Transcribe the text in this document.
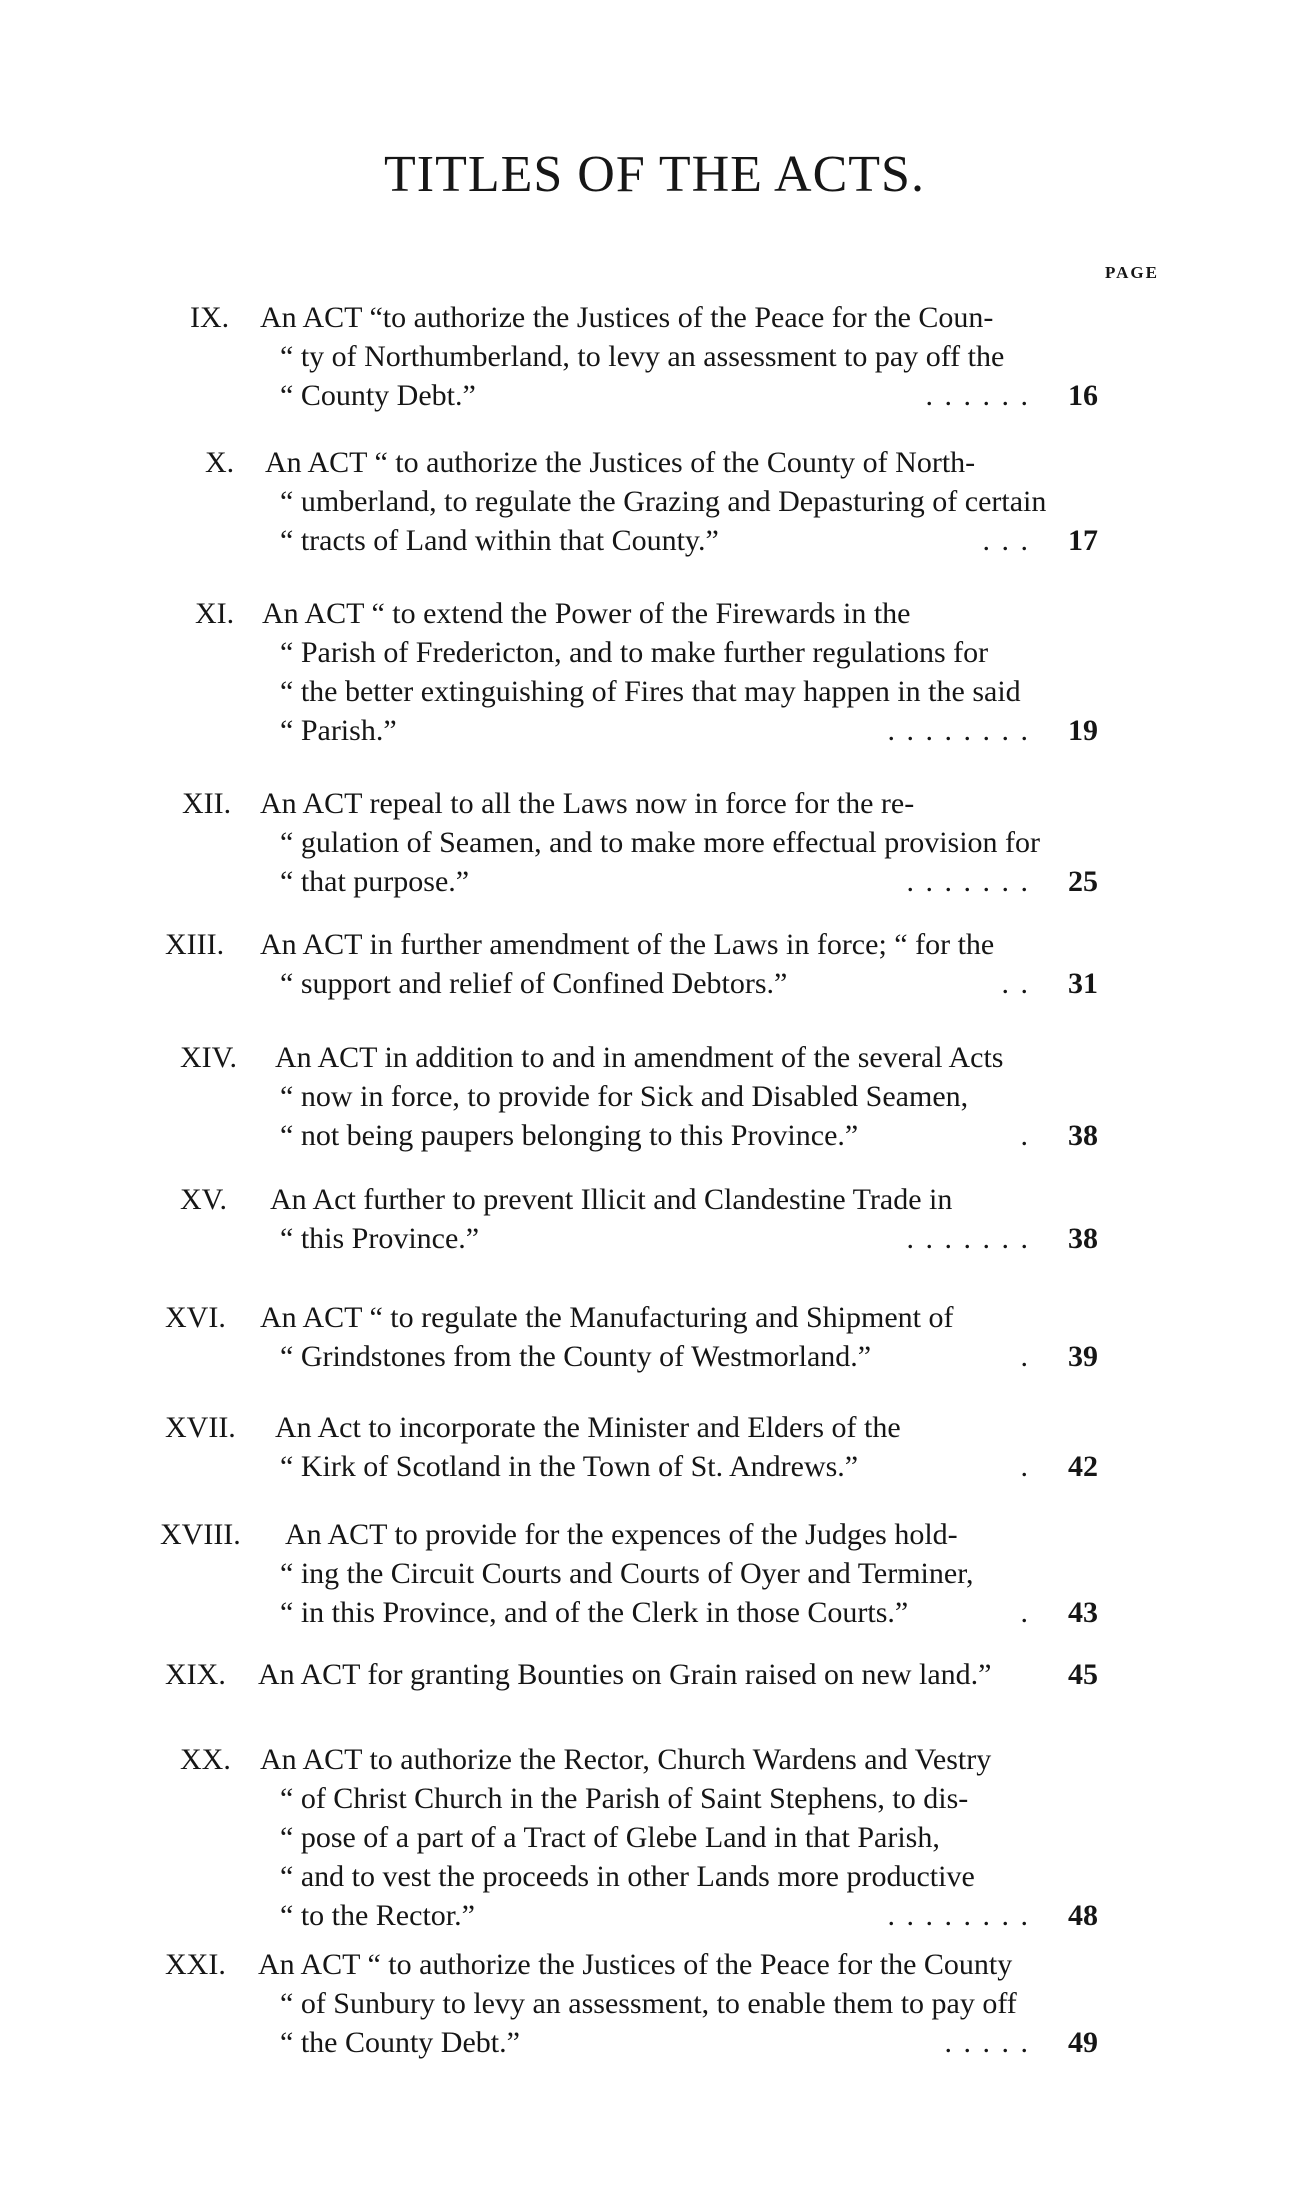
TITLES OF THE ACTS.
PAGE
IX. An ACT “to authorize the Justices of the Peace for the Coun-
“ ty of Northumberland, to levy an assessment to pay off the
“ County Debt.”	. . . . . . 16
X. An ACT “ to authorize the Justices of the County of North-
“ umberland, to regulate the Grazing and Depasturing of certain
“ tracts of Land within that County.”	. . . 17
XI. An ACT “ to extend the Power of the Firewards in the
“ Parish of Fredericton, and to make further regulations for
“ the better extinguishing of Fires that may happen in the said
“ Parish.”	. . . . . . . . 19
XII. An ACT repeal to all the Laws now in force for the re-
“ gulation of Seamen, and to make more effectual provision for
“ that purpose.”	. . . . . . . 25
XIII. An ACT in further amendment of the Laws in force; “ for the
“ support and relief of Confined Debtors.”	. . 31
XIV. An ACT in addition to and in amendment of the several Acts
“ now in force, to provide for Sick and Disabled Seamen,
“ not being paupers belonging to this Province.”	. 38
XV. An Act further to prevent Illicit and Clandestine Trade in
“ this Province.”	. . . . . . . 38
XVI. An ACT “ to regulate the Manufacturing and Shipment of
“ Grindstones from the County of Westmorland.”	. 39
XVII. An Act to incorporate the Minister and Elders of the
“ Kirk of Scotland in the Town of St. Andrews.”	. 42
XVIII. An ACT to provide for the expences of the Judges hold-
“ ing the Circuit Courts and Courts of Oyer and Terminer,
“ in this Province, and of the Clerk in those Courts.”	. 43
XIX. An ACT for granting Bounties on Grain raised on new land.”	45
XX. An ACT to authorize the Rector, Church Wardens and Vestry
“ of Christ Church in the Parish of Saint Stephens, to dis-
“ pose of a part of a Tract of Glebe Land in that Parish,
“ and to vest the proceeds in other Lands more productive
“ to the Rector.”	. . . . . . . . 48
XXI. An ACT “ to authorize the Justices of the Peace for the County
“ of Sunbury to levy an assessment, to enable them to pay off
“ the County Debt.”	. . . . . 49
